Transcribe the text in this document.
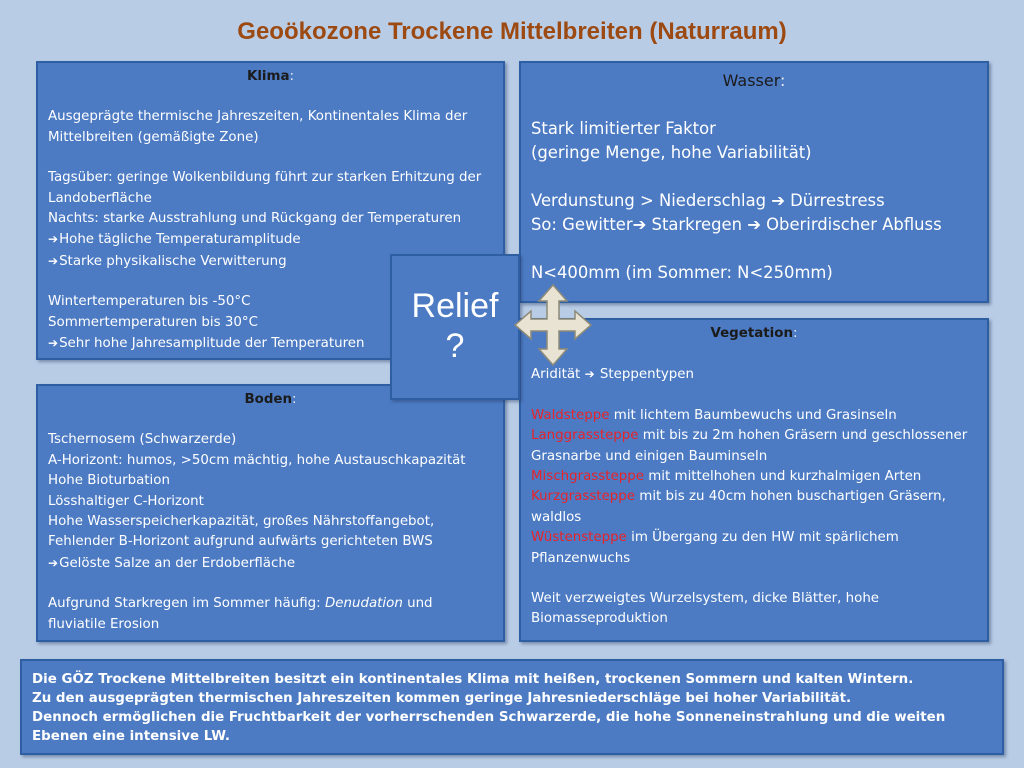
Geoökozone Trockene Mittelbreiten (Naturraum)

Klima:

Ausgeprägte thermische Jahreszeiten, Kontinentales Klima der Mittelbreiten (gemäßigte Zone)

Tagsüber: geringe Wolkenbildung führt zur starken Erhitzung der Landoberfläche

Nachts: starke Ausstrahlung und Rückgang der Temperaturen

➔Hohe tägliche Temperaturamplitude

➔Starke physikalische Verwitterung

Wintertemperaturen bis -50°C

Sommertemperaturen bis 30°C

➔Sehr hohe Jahresamplitude der Temperaturen

Boden:

Tschernosem (Schwarzerde)

A-Horizont: humos, >50cm mächtig, hohe Austauschkapazität

Hohe Bioturbation

Lösshaltiger C-Horizont

Hohe Wasserspeicherkapazität, großes Nährstoffangebot,

Fehlender B-Horizont aufgrund aufwärts gerichteten BWS

➔Gelöste Salze an der Erdoberfläche

Aufgrund Starkregen im Sommer häufig: Denudation und fluviatile Erosion

Wasser:

Stark limitierter Faktor

(geringe Menge, hohe Variabilität)

Verdunstung > Niederschlag ➔ Dürrestress

So: Gewitter➔ Starkregen ➔ Oberirdischer Abfluss

N<400mm (im Sommer: N<250mm)

Vegetation:

Aridität ➔ Steppentypen

Waldsteppe mit lichtem Baumbewuchs und Grasinseln

Langgrassteppe mit bis zu 2m hohen Gräsern und geschlossener Grasnarbe und einigen Bauminseln

Mischgrassteppe mit mittelhohen und kurzhalmigen Arten

Kurzgrassteppe mit bis zu 40cm hohen buschartigen Gräsern, waldlos

Wüstensteppe im Übergang zu den HW mit spärlichem Pflanzenwuchs

Weit verzweigtes Wurzelsystem, dicke Blätter, hohe Biomasseproduktion

Relief
?

Die GÖZ Trockene Mittelbreiten besitzt ein kontinentales Klima mit heißen, trockenen Sommern und kalten Wintern.

Zu den ausgeprägten thermischen Jahreszeiten kommen geringe Jahresniederschläge bei hoher Variabilität.

Dennoch ermöglichen die Fruchtbarkeit der vorherrschenden Schwarzerde, die hohe Sonneneinstrahlung und die weiten Ebenen eine intensive LW.
